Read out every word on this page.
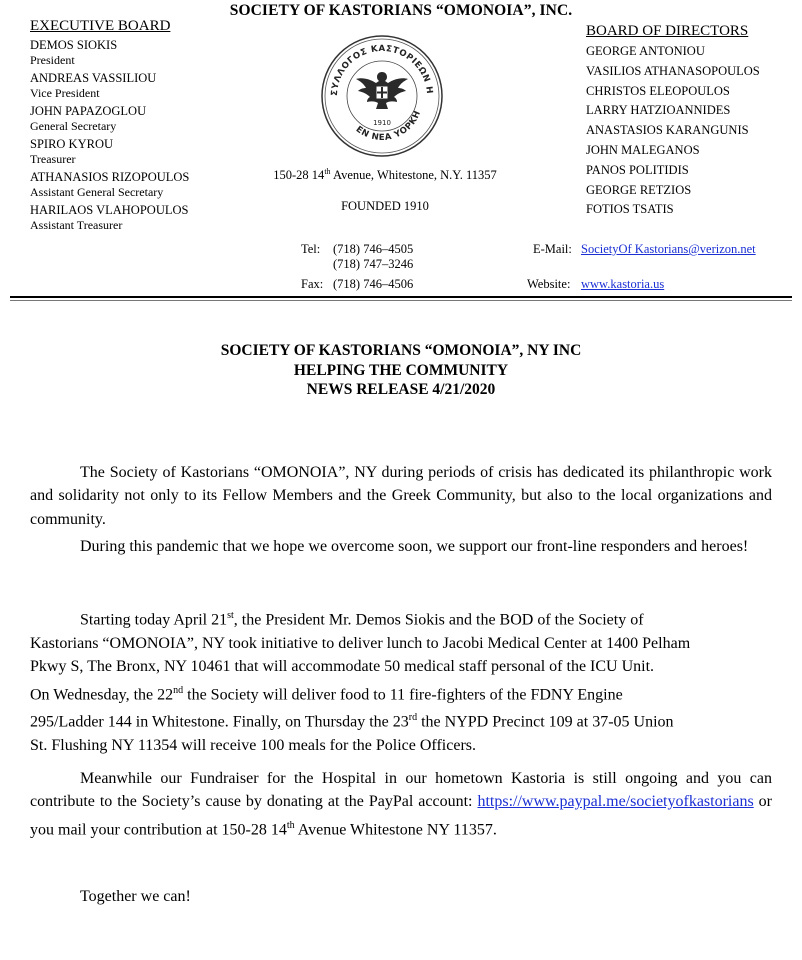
SOCIETY OF KASTORIANS “OMONOIA”, INC.
EXECUTIVE BOARD
DEMOS SIOKIS
President
ANDREAS VASSILIOU
Vice President
JOHN PAPAZOGLOU
General Secretary
SPIRO KYROU
Treasurer
ATHANASIOS RIZOPOULOS
Assistant General Secretary
HARILAOS VLAHOPOULOS
Assistant Treasurer
ΣΥΛΛΟΓΟΣ ΚΑΣΤΟΡΙΕΩΝ Η
ΕΝ ΝΕΑ ΥΟΡΚΗ
1910
BOARD OF DIRECTORS
GEORGE ANTONIOU
VASILIOS ATHANASOPOULOS
CHRISTOS ELEOPOULOS
LARRY HATZIOANNIDES
ANASTASIOS KARANGUNIS
JOHN MALEGANOS
PANOS POLITIDIS
GEORGE RETZIOS
FOTIOS TSATIS
150-28 14th Avenue, Whitestone, N.Y. 11357
FOUNDED 1910
Tel: (718) 746–4505
(718) 747–3246
Fax: (718) 746–4506
E-Mail: SocietyOf Kastorians@verizon.net
Website: www.kastoria.us
SOCIETY OF KASTORIANS “OMONOIA”, NY INC
HELPING THE COMMUNITY
NEWS RELEASE 4/21/2020

The Society of Kastorians “OMONOIA”, NY during periods of crisis has dedicated its philanthropic work and solidarity not only to its Fellow Members and the Greek Community, but also to the local organizations and community.

During this pandemic that we hope we overcome soon, we support our front-line responders and heroes!

Starting today April 21st, the President Mr. Demos Siokis and the BOD of the Society of
Kastorians “OMONOIA”, NY took initiative to deliver lunch to Jacobi Medical Center at 1400 Pelham
Pkwy S, The Bronx, NY 10461 that will accommodate 50 medical staff personal of the ICU Unit.
On Wednesday, the 22nd the Society will deliver food to 11 fire-fighters of the FDNY Engine
295/Ladder 144 in Whitestone. Finally, on Thursday the 23rd the NYPD Precinct 109 at 37-05 Union
St. Flushing NY 11354 will receive 100 meals for the Police Officers.

Meanwhile our Fundraiser for the Hospital in our hometown Kastoria is still ongoing and you can contribute to the Society’s cause by donating at the PayPal account: https://www.paypal.me/societyofkastorians or you mail your contribution at 150-28 14th Avenue Whitestone NY 11357.

Together we can!
